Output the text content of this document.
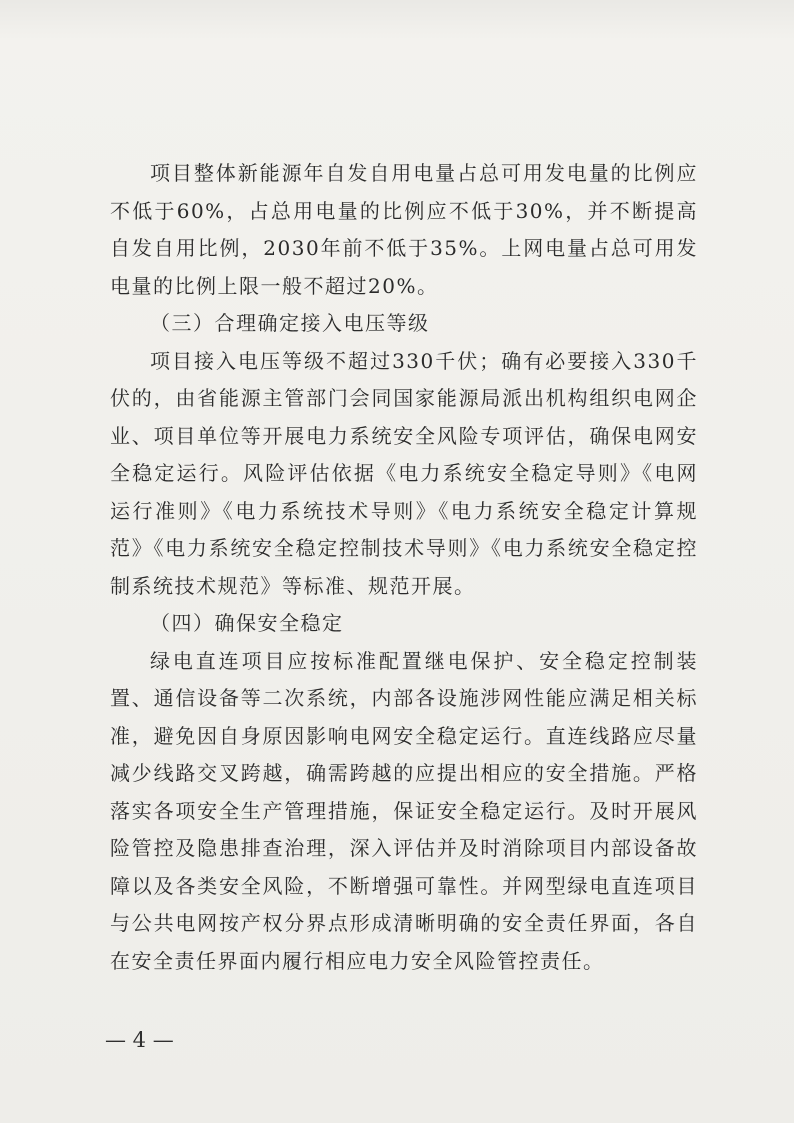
项目整体新能源年自发自用电量占总可用发电量的比例应不低于60%，占总用电量的比例应不低于30%，并不断提高自发自用比例，2030年前不低于35%。上网电量占总可用发电量的比例上限一般不超过20%。

（三）合理确定接入电压等级

项目接入电压等级不超过330千伏；确有必要接入330千伏的，由省能源主管部门会同国家能源局派出机构组织电网企业、项目单位等开展电力系统安全风险专项评估，确保电网安全稳定运行。风险评估依据《电力系统安全稳定导则》《电网运行准则》《电力系统技术导则》《电力系统安全稳定计算规范》《电力系统安全稳定控制技术导则》《电力系统安全稳定控制系统技术规范》等标准、规范开展。

（四）确保安全稳定

绿电直连项目应按标准配置继电保护、安全稳定控制装置、通信设备等二次系统，内部各设施涉网性能应满足相关标准，避免因自身原因影响电网安全稳定运行。直连线路应尽量减少线路交叉跨越，确需跨越的应提出相应的安全措施。严格落实各项安全生产管理措施，保证安全稳定运行。及时开展风险管控及隐患排查治理，深入评估并及时消除项目内部设备故障以及各类安全风险，不断增强可靠性。并网型绿电直连项目与公共电网按产权分界点形成清晰明确的安全责任界面，各自在安全责任界面内履行相应电力安全风险管控责任。

— 4 —
